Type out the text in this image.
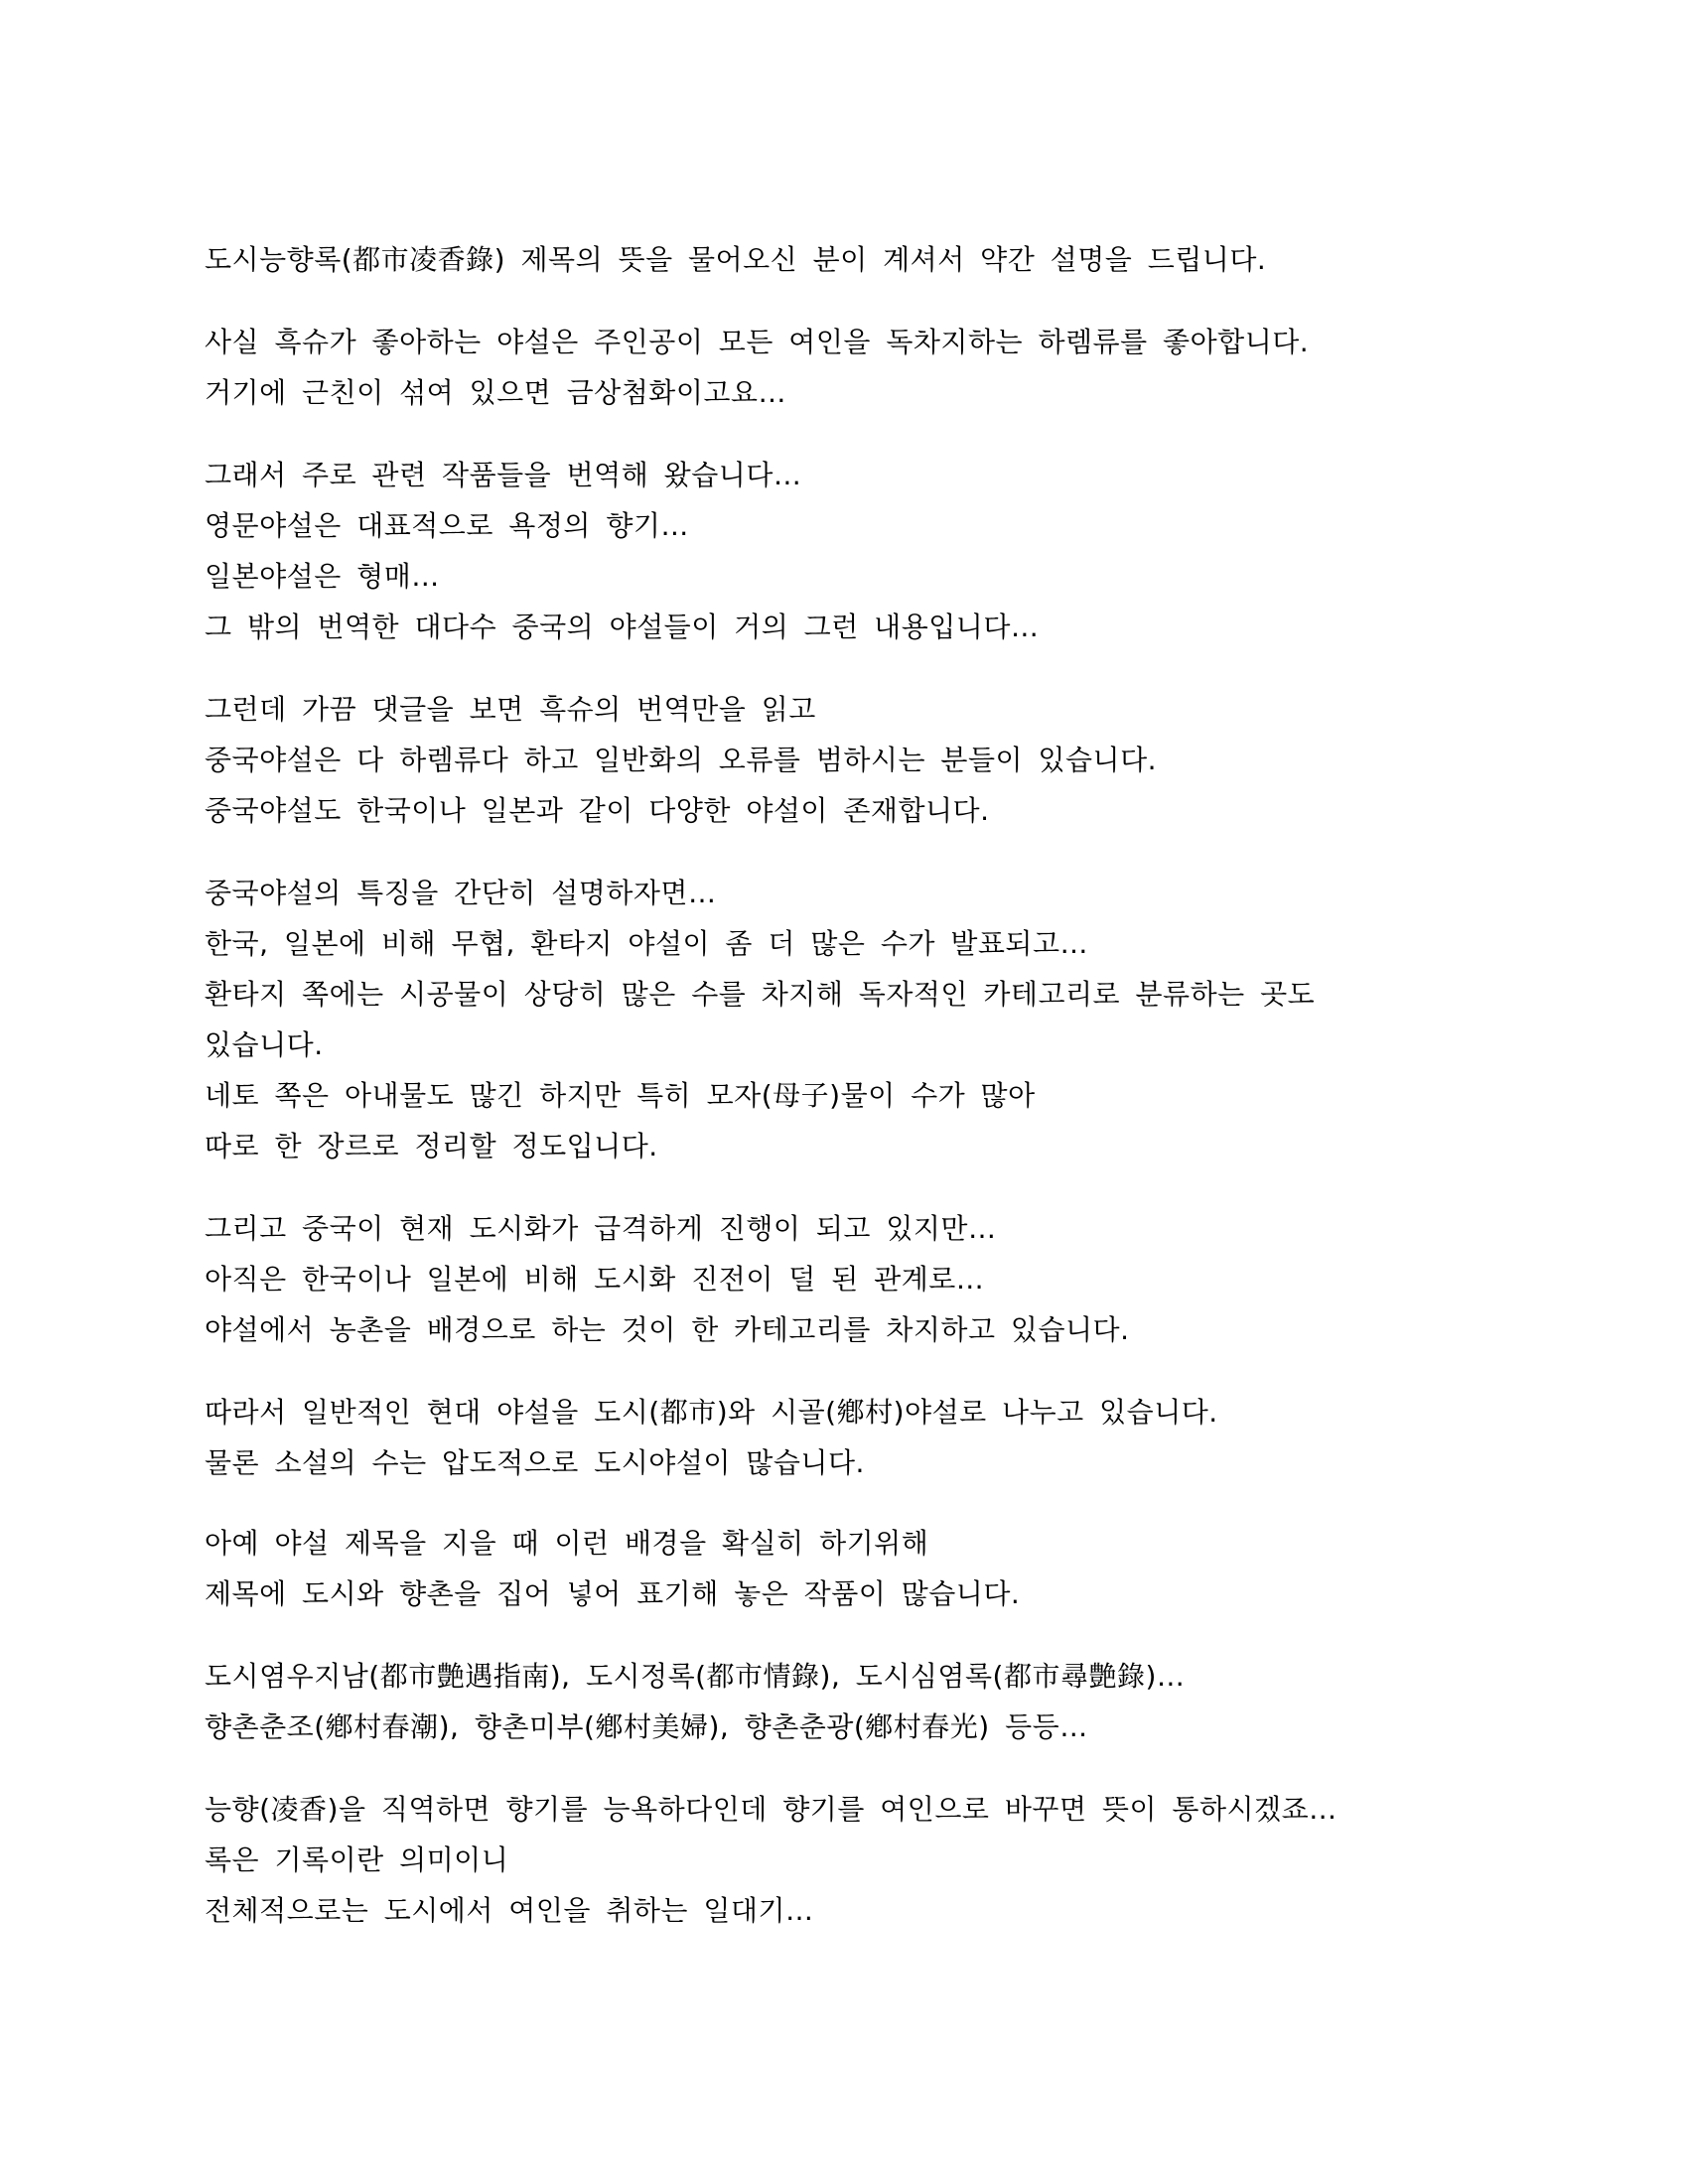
도시능향록(都市凌香錄) 제목의 뜻을 물어오신 분이 계셔서 약간 설명을 드립니다.
사실 흑슈가 좋아하는 야설은 주인공이 모든 여인을 독차지하는 하렘류를 좋아합니다.
거기에 근친이 섞여 있으면 금상첨화이고요…
그래서 주로 관련 작품들을 번역해 왔습니다…
영문야설은 대표적으로 욕정의 향기…
일본야설은 형매…
그 밖의 번역한 대다수 중국의 야설들이 거의 그런 내용입니다…
그런데 가끔 댓글을 보면 흑슈의 번역만을 읽고
중국야설은 다 하렘류다 하고 일반화의 오류를 범하시는 분들이 있습니다.
중국야설도 한국이나 일본과 같이 다양한 야설이 존재합니다.
중국야설의 특징을 간단히 설명하자면…
한국, 일본에 비해 무협, 환타지 야설이 좀 더 많은 수가 발표되고…
환타지 쪽에는 시공물이 상당히 많은 수를 차지해 독자적인 카테고리로 분류하는 곳도
있습니다.
네토 쪽은 아내물도 많긴 하지만 특히 모자(母子)물이 수가 많아
따로 한 장르로 정리할 정도입니다.
그리고 중국이 현재 도시화가 급격하게 진행이 되고 있지만…
아직은 한국이나 일본에 비해 도시화 진전이 덜 된 관계로…
야설에서 농촌을 배경으로 하는 것이 한 카테고리를 차지하고 있습니다.
따라서 일반적인 현대 야설을 도시(都市)와 시골(鄕村)야설로 나누고 있습니다.
물론 소설의 수는 압도적으로 도시야설이 많습니다.
아예 야설 제목을 지을 때 이런 배경을 확실히 하기위해
제목에 도시와 향촌을 집어 넣어 표기해 놓은 작품이 많습니다.
도시염우지남(都市艶遇指南), 도시정록(都市情錄), 도시심염록(都市尋艶錄)…
향촌춘조(鄕村春潮), 향촌미부(鄕村美婦), 향촌춘광(鄕村春光) 등등…
능향(凌香)을 직역하면 향기를 능욕하다인데 향기를 여인으로 바꾸면 뜻이 통하시겠죠…
록은 기록이란 의미이니
전체적으로는 도시에서 여인을 취하는 일대기…
